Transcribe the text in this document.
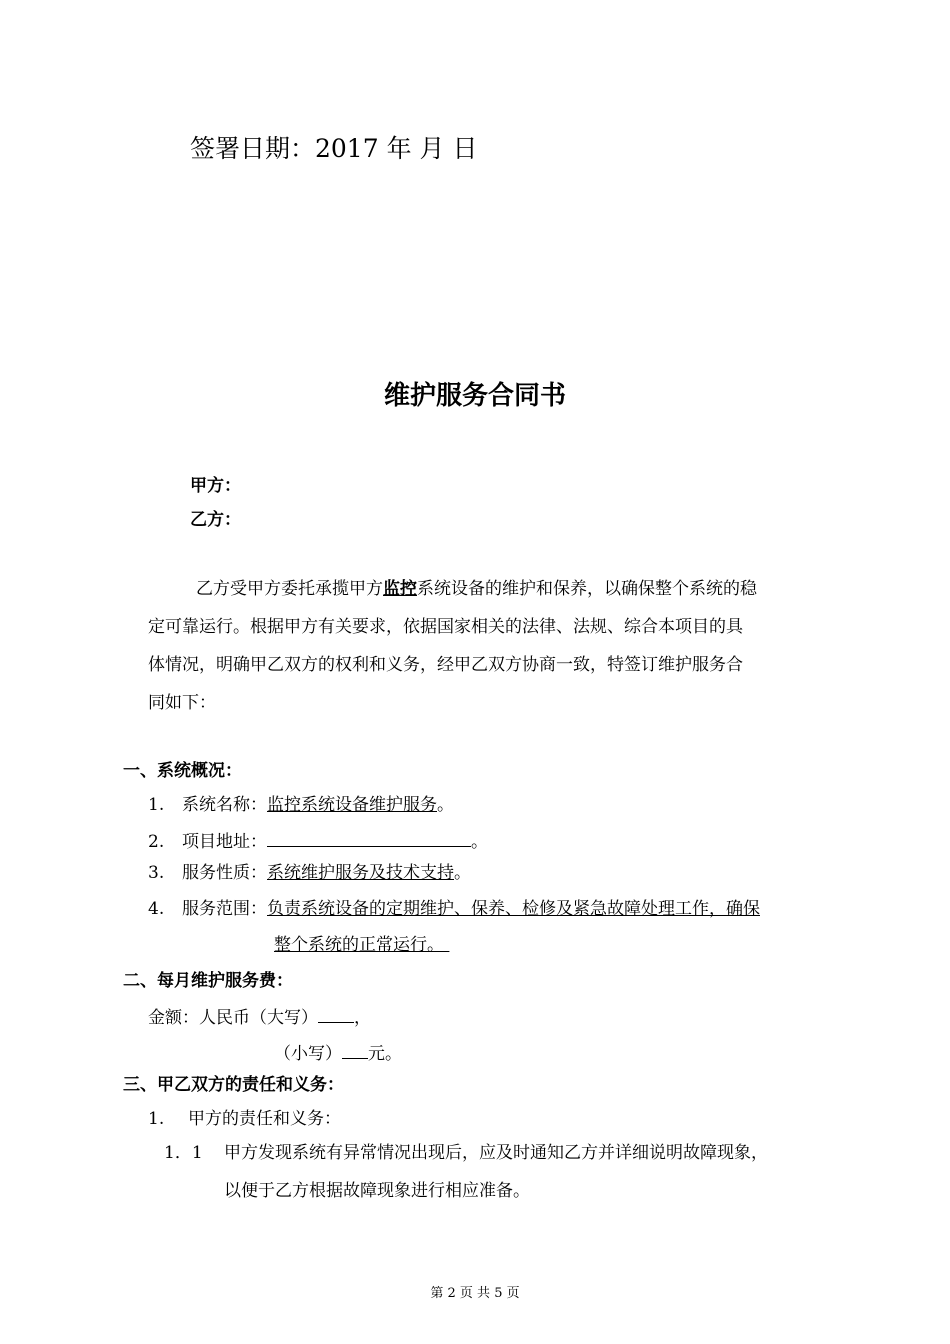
签署日期：2017 年 月 日
维护服务合同书
甲方：
乙方：

乙方受甲方委托承揽甲方监控系统设备的维护和保养，以确保整个系统的稳

定可靠运行。根据甲方有关要求，依据国家相关的法律、法规、综合本项目的具

体情况，明确甲乙双方的权利和义务，经甲乙双方协商一致，特签订维护服务合

同如下：

一、系统概况：
1. 系统名称：监控系统设备维护服务。
2. 项目地址：	。
3. 服务性质：系统维护服务及技术支持。
4. 服务范围：负责系统设备的定期维护、保养、检修及紧急故障处理工作，确保
整个系统的正常运行。
二、每月维护服务费：
金额：人民币（大写） ，
（小写） 元。
三、甲乙双方的责任和义务：
1. 甲方的责任和义务：
1．1 甲方发现系统有异常情况出现后，应及时通知乙方并详细说明故障现象，
以便于乙方根据故障现象进行相应准备。
第 2 页 共 5 页
